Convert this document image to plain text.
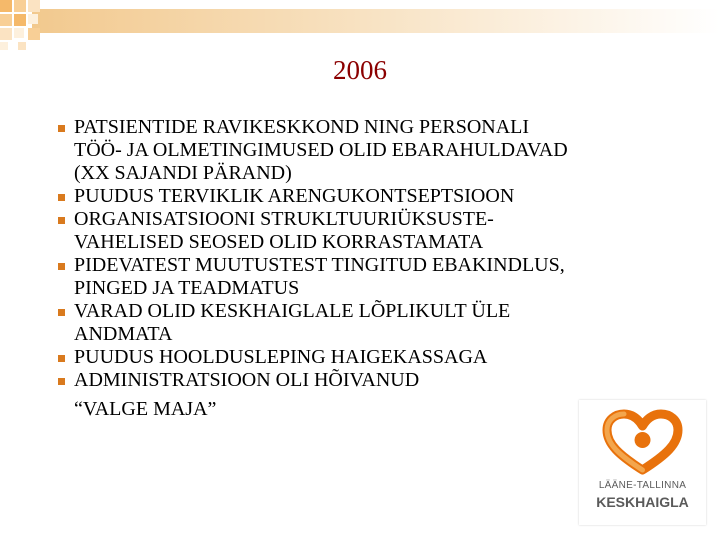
2006
PATSIENTIDE RAVIKESKKOND NING PERSONALI
TÖÖ- JA OLMETINGIMUSED OLID EBARAHULDAVAD
(XX SAJANDI PÄRAND)
PUUDUS TERVIKLIK ARENGUKONTSEPTSIOON
ORGANISATSIOONI STRUKLTUURIÜKSUSTE-
VAHELISED SEOSED OLID KORRASTAMATA
PIDEVATEST MUUTUSTEST TINGITUD EBAKINDLUS,
PINGED JA TEADMATUS
VARAD OLID KESKHAIGLALE LÕPLIKULT ÜLE
ANDMATA
PUUDUS HOOLDUSLEPING HAIGEKASSAGA
ADMINISTRATSIOON OLI HÕIVANUD
“VALGE MAJA”
LÄÄNE-TALLINNA
KESKHAIGLA
